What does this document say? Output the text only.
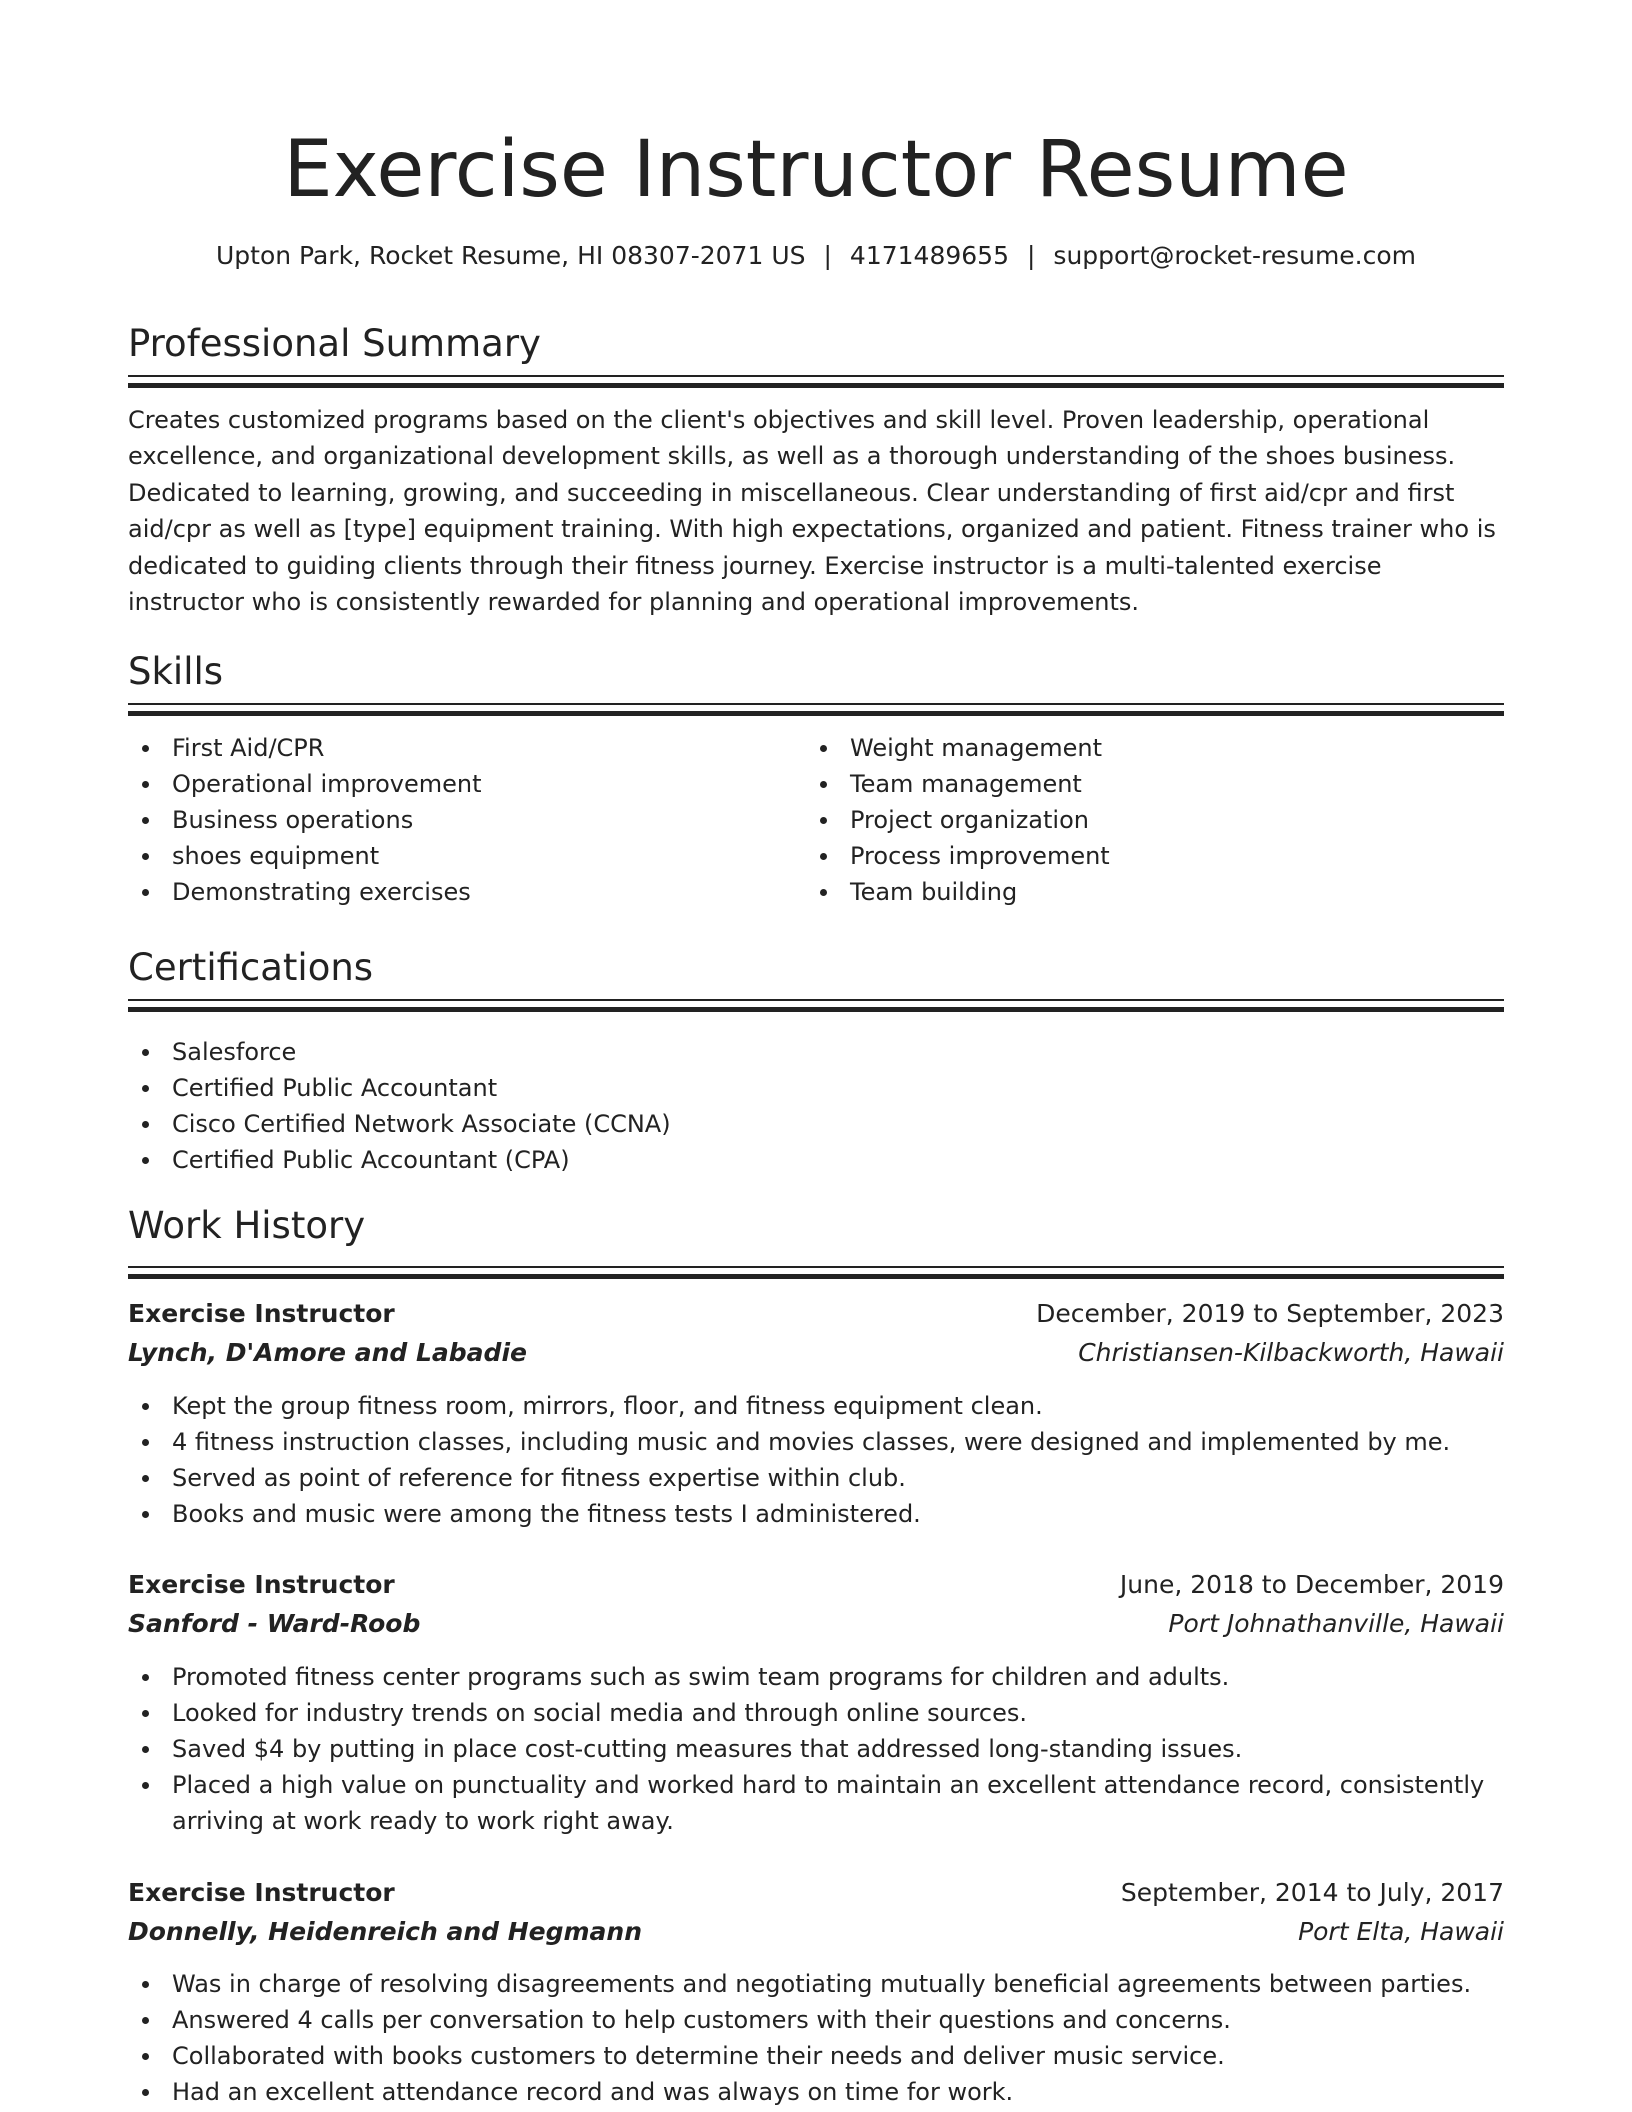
Exercise Instructor Resume
Upton Park, Rocket Resume, HI 08307-2071 US | 4171489655 | support@rocket-resume.com
Professional Summary

Creates customized programs based on the client's objectives and skill level. Proven leadership, operational excellence, and organizational development skills, as well as a thorough understanding of the shoes business. Dedicated to learning, growing, and succeeding in miscellaneous. Clear understanding of first aid/cpr and first aid/cpr as well as [type] equipment training. With high expectations, organized and patient. Fitness trainer who is dedicated to guiding clients through their fitness journey. Exercise instructor is a multi-talented exercise instructor who is consistently rewarded for planning and operational improvements.

Skills
First Aid/CPR
Operational improvement
Business operations
shoes equipment
Demonstrating exercises
Weight management
Team management
Project organization
Process improvement
Team building
Certifications
Salesforce
Certified Public Accountant
Cisco Certified Network Associate (CCNA)
Certified Public Accountant (CPA)
Work History
Exercise Instructor	December, 2019 to September, 2023
Lynch, D'Amore and Labadie	Christiansen-Kilbackworth, Hawaii
Kept the group fitness room, mirrors, floor, and fitness equipment clean.
4 fitness instruction classes, including music and movies classes, were designed and implemented by me.
Served as point of reference for fitness expertise within club.
Books and music were among the fitness tests I administered.
Exercise Instructor	June, 2018 to December, 2019
Sanford - Ward-Roob	Port Johnathanville, Hawaii
Promoted fitness center programs such as swim team programs for children and adults.
Looked for industry trends on social media and through online sources.
Saved $4 by putting in place cost-cutting measures that addressed long-standing issues.
Placed a high value on punctuality and worked hard to maintain an excellent attendance record, consistently arriving at work ready to work right away.
Exercise Instructor	September, 2014 to July, 2017
Donnelly, Heidenreich and Hegmann	Port Elta, Hawaii
Was in charge of resolving disagreements and negotiating mutually beneficial agreements between parties.
Answered 4 calls per conversation to help customers with their questions and concerns.
Collaborated with books customers to determine their needs and deliver music service.
Had an excellent attendance record and was always on time for work.
